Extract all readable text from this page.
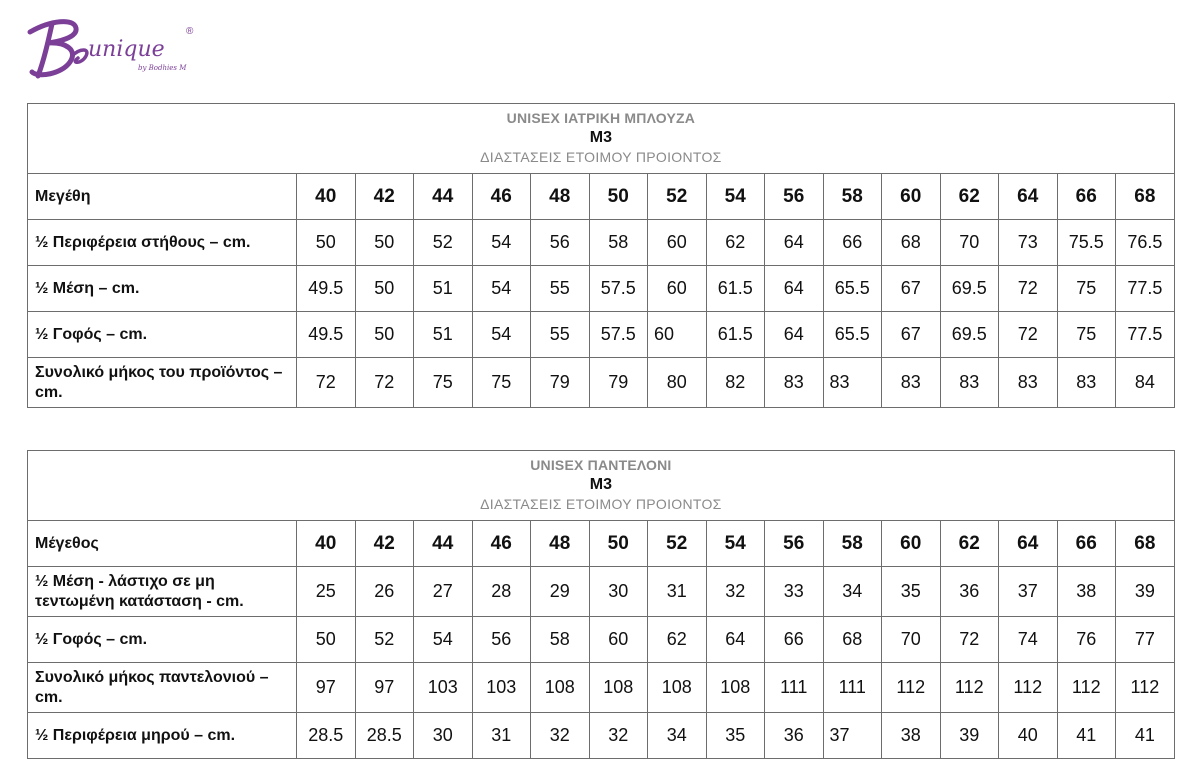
unique
by Bodhies M
®
UNISEX ΙΑΤΡΙΚΗ ΜΠΛΟΥΖΑ
M3
ΔΙΑΣΤΑΣΕΙΣ ΕΤΟΙΜΟΥ ΠΡΟΙΟΝΤΟΣ															

Μεγέθη	40	42	44	46	48	50	52	54	56	58	60	62	64	66	68
½ Περιφέρεια στήθους – cm.	50	50	52	54	56	58	60	62	64	66	68	70	73	75.5	76.5
½ Μέση – cm.	49.5	50	51	54	55	57.5	60	61.5	64	65.5	67	69.5	72	75	77.5
½ Γοφός – cm.	49.5	50	51	54	55	57.5	60	61.5	64	65.5	67	69.5	72	75	77.5
Συνολικό μήκος του προϊόντος – cm.	72	72	75	75	79	79	80	82	83	83	83	83	83	83	84
UNISEX ΠΑΝΤΕΛΟΝΙ
M3
ΔΙΑΣΤΑΣΕΙΣ ΕΤΟΙΜΟΥ ΠΡΟΙΟΝΤΟΣ															

Μέγεθος	40	42	44	46	48	50	52	54	56	58	60	62	64	66	68
½ Μέση - λάστιχο σε μη τεντωμένη κατάσταση - cm.	25	26	27	28	29	30	31	32	33	34	35	36	37	38	39
½ Γοφός – cm.	50	52	54	56	58	60	62	64	66	68	70	72	74	76	77
Συνολικό μήκος παντελονιού – cm.	97	97	103	103	108	108	108	108	111	111	112	112	112	112	112
½ Περιφέρεια μηρού – cm.	28.5	28.5	30	31	32	32	34	35	36	37	38	39	40	41	41
